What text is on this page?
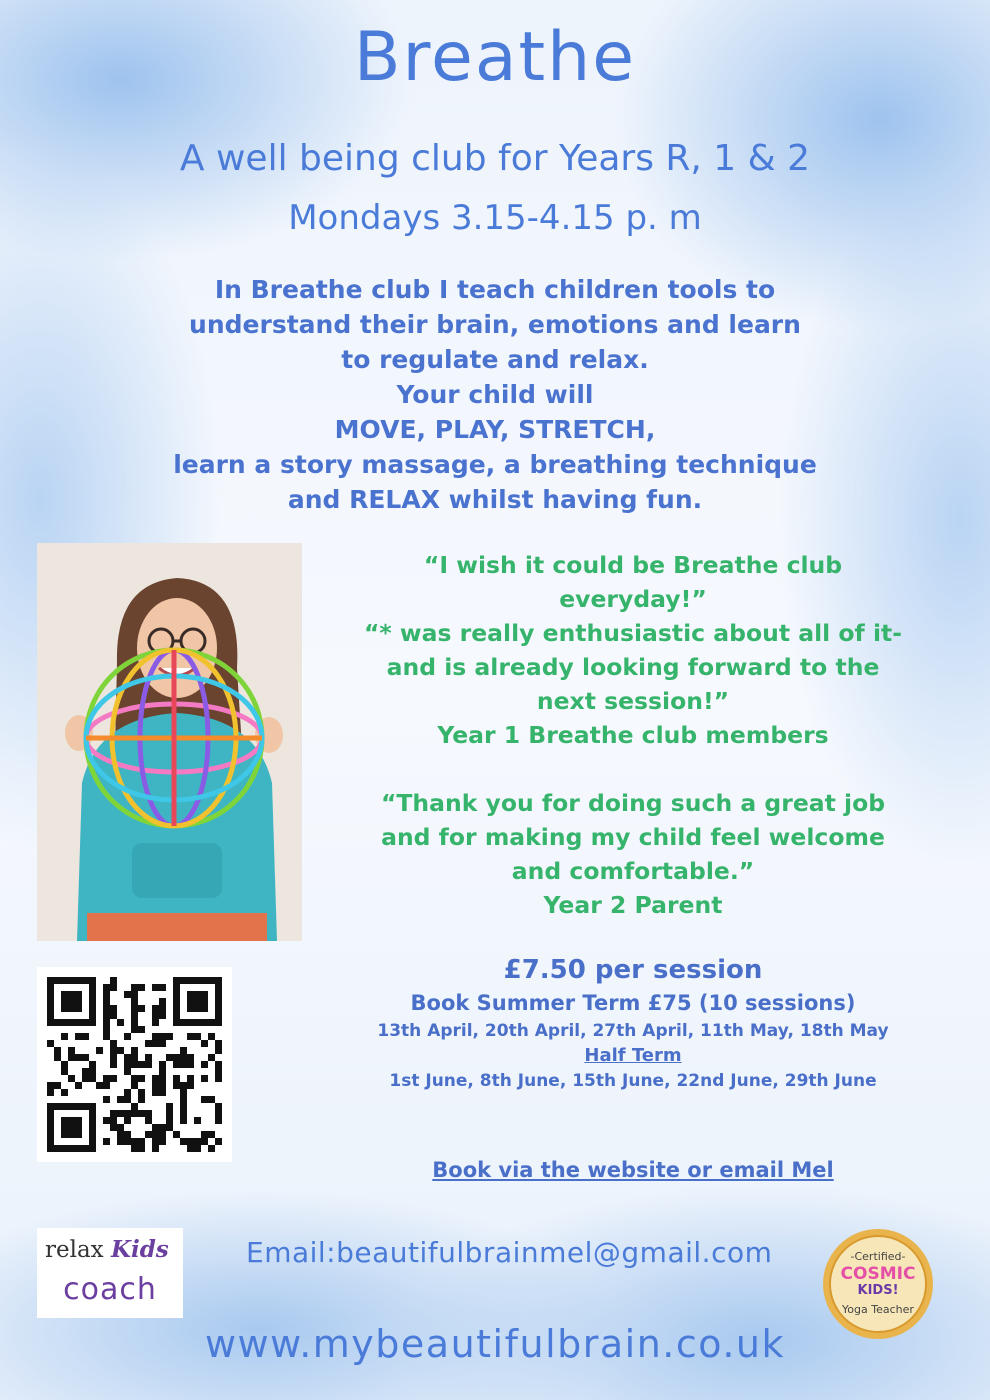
Breathe
A well being club for Years R, 1 & 2
Mondays 3.15-4.15 p. m
In Breathe club I teach children tools to
understand their brain, emotions and learn
to regulate and relax.
Your child will
MOVE, PLAY, STRETCH,
learn a story massage, a breathing technique
and RELAX whilst having fun.
“I wish it could be Breathe club
everyday!”
“* was really enthusiastic about all of it-
and is already looking forward to the
next session!”
Year 1 Breathe club members
“Thank you for doing such a great job
and for making my child feel welcome
and comfortable.”
Year 2 Parent
£7.50 per session
Book Summer Term £75 (10 sessions)
13th April, 20th April, 27th April, 11th May, 18th May
Half Term
1st June, 8th June, 15th June, 22nd June, 29th June
Book via the website or email Mel
relax Kids
coach
Email:beautifulbrainmel@gmail.com
www.mybeautifulbrain.co.uk
-Certified-
COSMIC
KIDS!
Yoga Teacher
